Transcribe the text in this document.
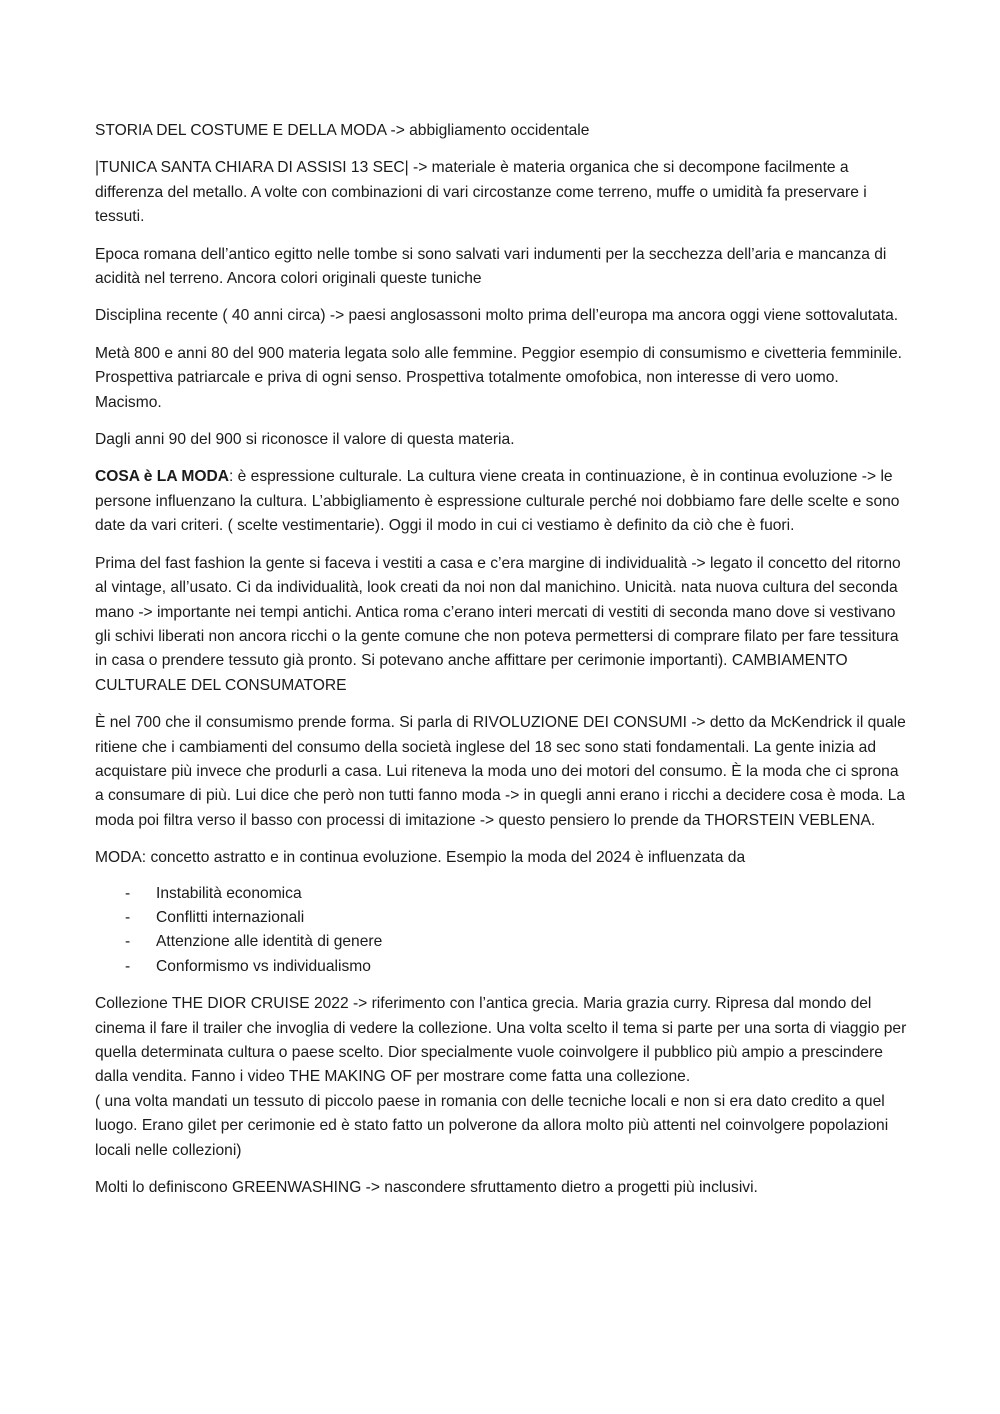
STORIA DEL COSTUME E DELLA MODA -> abbigliamento occidentale

|TUNICA SANTA CHIARA DI ASSISI 13 SEC| -> materiale è materia organica che si decompone facilmente a differenza del metallo. A volte con combinazioni di vari circostanze come terreno, muffe o umidità fa preservare i tessuti.

Epoca romana dell’antico egitto nelle tombe si sono salvati vari indumenti per la secchezza dell’aria e mancanza di acidità nel terreno. Ancora colori originali queste tuniche

Disciplina recente ( 40 anni circa) -> paesi anglosassoni molto prima dell’europa ma ancora oggi viene sottovalutata.

Metà 800 e anni 80 del 900 materia legata solo alle femmine. Peggior esempio di consumismo e civetteria femminile. Prospettiva patriarcale e priva di ogni senso. Prospettiva totalmente omofobica, non interesse di vero uomo. Macismo.

Dagli anni 90 del 900 si riconosce il valore di questa materia.

COSA è LA MODA: è espressione culturale. La cultura viene creata in continuazione, è in continua evoluzione -> le persone influenzano la cultura. L’abbigliamento è espressione culturale perché noi dobbiamo fare delle scelte e sono date da vari criteri. ( scelte vestimentarie). Oggi il modo in cui ci vestiamo è definito da ciò che è fuori.

Prima del fast fashion la gente si faceva i vestiti a casa e c’era margine di individualità -> legato il concetto del ritorno al vintage, all’usato. Ci da individualità, look creati da noi non dal manichino. Unicità. nata nuova cultura del seconda mano -> importante nei tempi antichi. Antica roma c’erano interi mercati di vestiti di seconda mano dove si vestivano gli schivi liberati non ancora ricchi o la gente comune che non poteva permettersi di comprare filato per fare tessitura in casa o prendere tessuto già pronto. Si potevano anche affittare per cerimonie importanti). CAMBIAMENTO CULTURALE DEL CONSUMATORE

È nel 700 che il consumismo prende forma. Si parla di RIVOLUZIONE DEI CONSUMI -> detto da McKendrick il quale ritiene che i cambiamenti del consumo della società inglese del 18 sec sono stati fondamentali. La gente inizia ad acquistare più invece che produrli a casa. Lui riteneva la moda uno dei motori del consumo. È la moda che ci sprona a consumare di più. Lui dice che però non tutti fanno moda -> in quegli anni erano i ricchi a decidere cosa è moda. La moda poi filtra verso il basso con processi di imitazione -> questo pensiero lo prende da THORSTEIN VEBLENA.

MODA: concetto astratto e in continua evoluzione. Esempio la moda del 2024 è influenzata da

- Instabilità economica
- Conflitti internazionali
- Attenzione alle identità di genere
- Conformismo vs individualismo

Collezione THE DIOR CRUISE 2022 -> riferimento con l’antica grecia. Maria grazia curry. Ripresa dal mondo del cinema il fare il trailer che invoglia di vedere la collezione. Una volta scelto il tema si parte per una sorta di viaggio per quella determinata cultura o paese scelto. Dior specialmente vuole coinvolgere il pubblico più ampio a prescindere dalla vendita. Fanno i video THE MAKING OF per mostrare come fatta una collezione.
( una volta mandati un tessuto di piccolo paese in romania con delle tecniche locali e non si era dato credito a quel luogo. Erano gilet per cerimonie ed è stato fatto un polverone da allora molto più attenti nel coinvolgere popolazioni locali nelle collezioni)

Molti lo definiscono GREENWASHING -> nascondere sfruttamento dietro a progetti più inclusivi.
